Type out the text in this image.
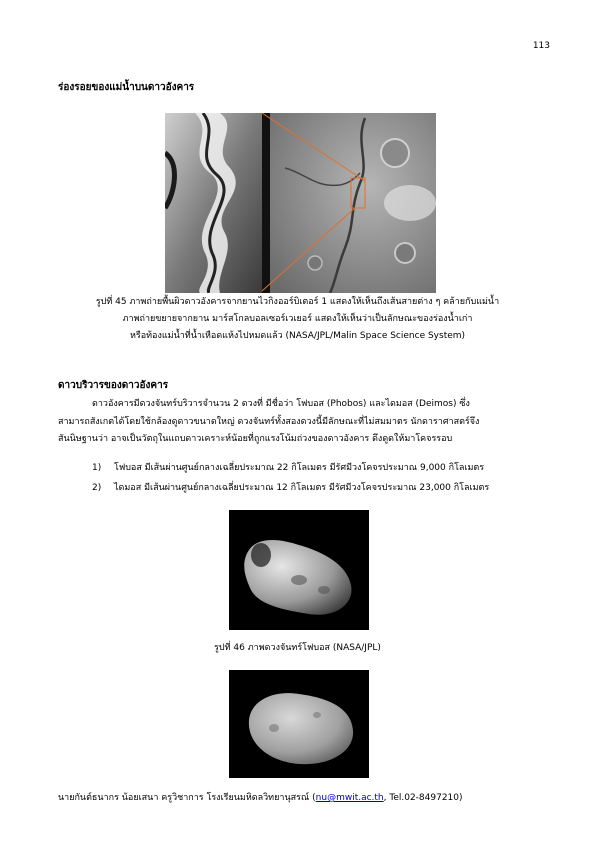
113
ร่องรอยของแม่น้ำบนดาวอังคาร
รูปที่ 45 ภาพถ่ายพื้นผิวดาวอังคารจากยานไวกิงออร์บิเตอร์ 1 แสดงให้เห็นถึงเส้นสายต่าง ๆ คล้ายกับแม่น้ำ
ภาพถ่ายขยายจากยาน มาร์สโกลบอลเซอร์เวเยอร์ แสดงให้เห็นว่าเป็นลักษณะของร่องน้ำเก่า
หรือท้องแม่น้ำที่น้ำเหือดแห้งไปหมดแล้ว (NASA/JPL/Malin Space Science System)
ดาวบริวารของดาวอังคาร
ดาวอังคารมีดวงจันทร์บริวารจำนวน 2 ดวงที่ มีชื่อว่า โฟบอส (Phobos) และไดมอส (Deimos) ซึ่ง
สามารถสังเกตได้โดยใช้กล้องดูดาวขนาดใหญ่ ดวงจันทร์ทั้งสองดวงนี้มีลักษณะที่ไม่สมมาตร นักดาราศาสตร์จึง
สันนิษฐานว่า อาจเป็นวัตถุในแถบดาวเคราะห์น้อยที่ถูกแรงโน้มถ่วงของดาวอังคาร ดึงดูดให้มาโคจรรอบ
1) โฟบอส มีเส้นผ่านศูนย์กลางเฉลี่ยประมาณ 22 กิโลเมตร มีรัศมีวงโคจรประมาณ 9,000 กิโลเมตร
2) ไดมอส มีเส้นผ่านศูนย์กลางเฉลี่ยประมาณ 12 กิโลเมตร มีรัศมีวงโคจรประมาณ 23,000 กิโลเมตร
รูปที่ 46 ภาพดวงจันทร์โฟบอส (NASA/JPL)
นายกันต์ธนากร น้อยเสนา ครูวิชาการ โรงเรียนมหิดลวิทยานุสรณ์ (nu@mwit.ac.th, Tel.02-8497210)
